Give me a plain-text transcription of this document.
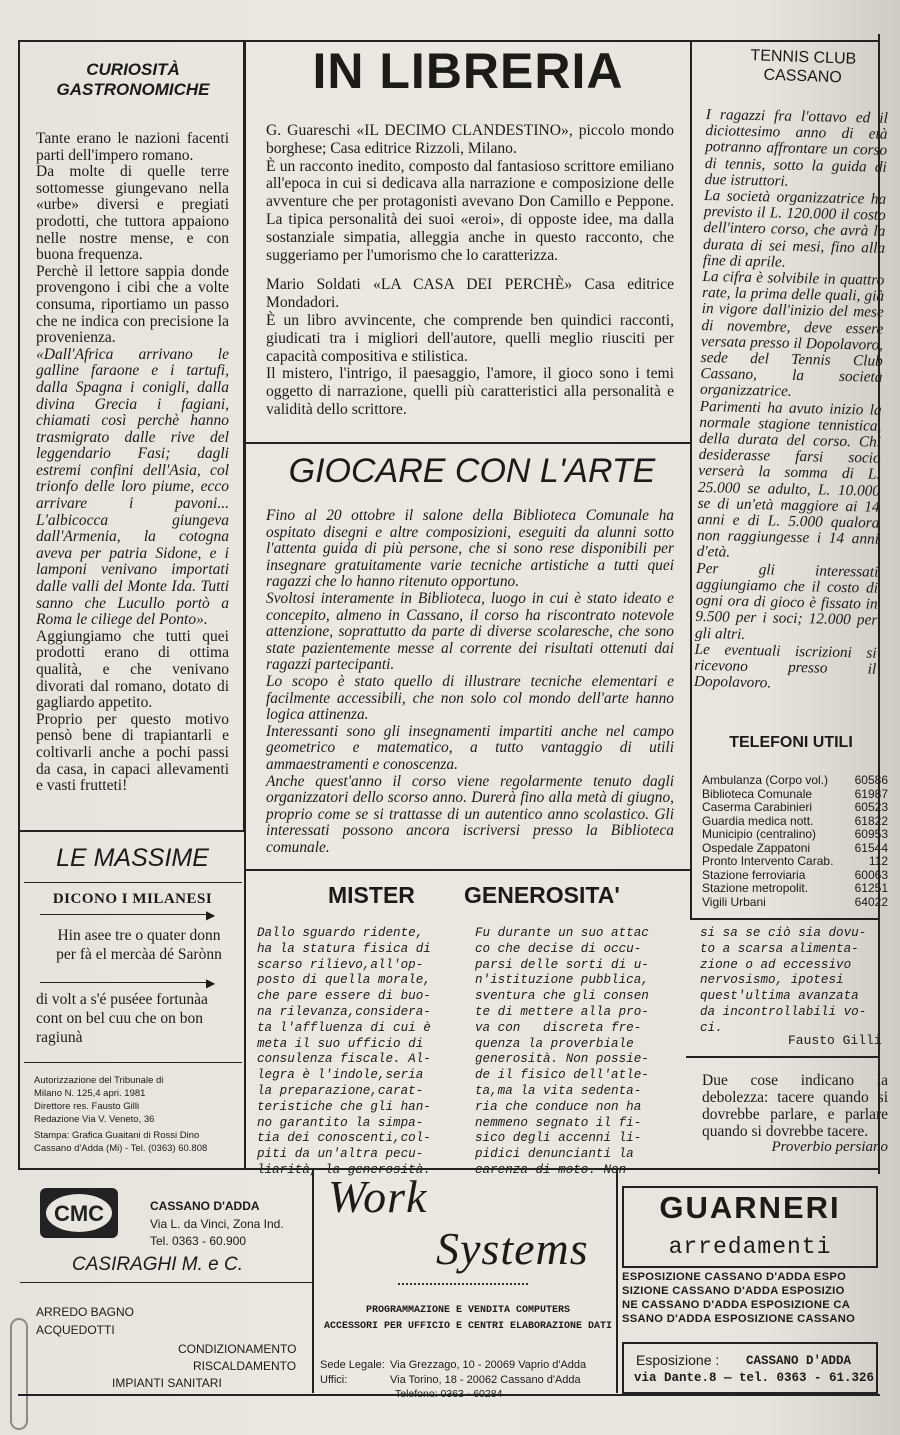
CURIOSITÀ
GASTRONOMICHE

Tante erano le nazioni facenti parti dell'impero romano.

Da molte di quelle terre sottomesse giungevano nella «urbe» diversi e pregiati prodotti, che tuttora appaiono nelle nostre mense, e con buona frequenza.

Perchè il lettore sappia donde provengono i cibi che a volte consuma, riportiamo un passo che ne indica con precisione la provenienza.

«Dall'Africa arrivano le galline faraone e i tartufi, dalla Spagna i conigli, dalla divina Grecia i fagiani, chiamati così perchè hanno trasmigrato dalle rive del leggendario Fasi; dagli estremi confini dell'Asia, col trionfo delle loro piume, ecco arrivare i pavoni... L'albicocca giungeva dall'Armenia, la cotogna aveva per patria Sidone, e i lamponi venivano importati dalle valli del Monte Ida. Tutti sanno che Lucullo portò a Roma le ciliege del Ponto».

Aggiungiamo che tutti quei prodotti erano di ottima qualità, e che venivano divorati dal romano, dotato di gagliardo appetito.

Proprio per questo motivo pensò bene di trapiantarli e coltivarli anche a pochi passi da casa, in capaci allevamenti e vasti frutteti!

LE MASSIME
DICONO I MILANESI
▶
Hin asee tre o quater donn
per fà el mercàa dé Sarònn
▶
di volt a s'é puséee fortunàa
cont on bel cuu che on bon
ragiunà
Autorizzazione del Tribunale di
Milano N. 125,4 apri. 1981
Direttore res. Fausto Gilli
Redazione Via V. Veneto, 36
Stampa: Grafica Guaitani di Rossi Dino
Cassano d'Adda (Mi) - Tel. (0363) 60.808
IN LIBRERIA

G. Guareschi «IL DECIMO CLANDESTINO», piccolo mondo borghese; Casa editrice Rizzoli, Milano.

È un racconto inedito, composto dal fantasioso scrittore emiliano all'epoca in cui si dedicava alla narrazione e composizione delle avventure che per protagonisti avevano Don Camillo e Peppone. La tipica personalità dei suoi «eroi», di opposte idee, ma dalla sostanziale simpatia, alleggia anche in questo racconto, che suggeriamo per l'umorismo che lo caratterizza.

Mario Soldati «LA CASA DEI PERCHÈ» Casa editrice Mondadori.

È un libro avvincente, che comprende ben quindici racconti, giudicati tra i migliori dell'autore, quelli meglio riusciti per capacità compositiva e stilistica.

Il mistero, l'intrigo, il paesaggio, l'amore, il gioco sono i temi oggetto di narrazione, quelli più caratteristici alla personalità e validità dello scrittore.

GIOCARE CON L'ARTE

Fino al 20 ottobre il salone della Biblioteca Comunale ha ospitato disegni e altre composizioni, eseguiti da alunni sotto l'attenta guida di più persone, che si sono rese disponibili per insegnare gratuitamente varie tecniche artistiche a tutti quei ragazzi che lo hanno ritenuto opportuno.

Svoltosi interamente in Biblioteca, luogo in cui è stato ideato e concepito, almeno in Cassano, il corso ha riscontrato notevole attenzione, soprattutto da parte di diverse scolaresche, che sono state pazientemente messe al corrente dei risultati ottenuti dai ragazzi partecipanti.

Lo scopo è stato quello di illustrare tecniche elementari e facilmente accessibili, che non solo col mondo dell'arte hanno logica attinenza.

Interessanti sono gli insegnamenti impartiti anche nel campo geometrico e matematico, a tutto vantaggio di utili ammaestramenti e conoscenza.

Anche quest'anno il corso viene regolarmente tenuto dagli organizzatori dello scorso anno. Durerà fino alla metà di giugno, proprio come se si trattasse di un autentico anno scolastico. Gli interessati possono ancora iscriversi presso la Biblioteca comunale.

TENNIS CLUB
CASSANO

I ragazzi fra l'ottavo ed il diciottesimo anno di età potranno affrontare un corso di tennis, sotto la guida di due istruttori.

La società organizzatrice ha previsto il L. 120.000 il costo dell'intero corso, che avrà la durata di sei mesi, fino alla fine di aprile.

La cifra è solvibile in quattro rate, la prima delle quali, già in vigore dall'inizio del mese di novembre, deve essere versata presso il Dopolavoro, sede del Tennis Club Cassano, la società organizzatrice.

Parimenti ha avuto inizio la normale stagione tennistica, della durata del corso. Chi desiderasse farsi socio verserà la somma di L. 25.000 se adulto, L. 10.000 se di un'età maggiore ai 14 anni e di L. 5.000 qualora non raggiungesse i 14 anni d'età.

Per gli interessati aggiungiamo che il costo di ogni ora di gioco è fissato in 9.500 per i soci; 12.000 per gli altri.

Le eventuali iscrizioni si ricevono presso il Dopolavoro.

TELEFONI UTILI
Ambulanza (Corpo vol.) 60586
Biblioteca Comunale	61987
Caserma Carabinieri	60523
Guardia medica nott.	61822
Municipio (centralino)	60953
Ospedale Zappatoni	61544
Pronto Intervento Carab.	112
Stazione ferroviaria	60063
Stazione metropolit.	61251
Vigili Urbani	64022
MISTER GENEROSITA'
Dallo sguardo ridente,
ha la statura fisica di
scarso rilievo,all'op-
posto di quella morale,
che pare essere di buo-
na rilevanza,considera-
ta l'affluenza di cui è
meta il suo ufficio di
consulenza fiscale. Al-
legra è l'indole,seria
la preparazione,carat-
teristiche che gli han-
no garantito la simpa-
tia dei conoscenti,col-
piti da un'altra pecu-

Fu durante un suo attac
co che decise di occu-
parsi delle sorti di u-
n'istituzione pubblica,
sventura che gli consen
te di mettere alla pro-
va con   discreta fre-
quenza la proverbiale
generosità. Non possie-
de il fisico dell'atle-
ta,ma la vita sedenta-
ria che conduce non ha
nemmeno segnato il fi-
sico degli accenni li-
pidici denuncianti la

si sa se ciò sia dovu-
to a scarsa alimenta-
zione o ad eccessivo
nervosismo, ipotesi
quest'ultima avanzata
da incontrollabili vo-
ci.
Fausto Gilli
Due cose indicano la debolezza: tacere quando si dovrebbe parlare, e parlare quando si dovrebbe tacere.
Proverbio persiano
CMC	CASSANO D'ADDA
Via L. da Vinci, Zona Ind.
Tel. 0363 - 60.900
CASIRAGHI M. e C.
ARREDO BAGNO
ACQUEDOTTI
CONDIZIONAMENTO
RISCALDAMENTO
IMPIANTI SANITARI
Work
Systems
PROGRAMMAZIONE E VENDITA COMPUTERS
ACCESSORI PER UFFICIO E CENTRI ELABORAZIONE DATI
Sede Legale: Via Grezzago, 10 - 20069 Vaprio d'Adda
Uffici:	Via Torino, 18 - 20062 Cassano d'Adda
GUARNERI
arredamenti
ESPOSIZIONE CASSANO D'ADDA ESPO
SIZIONE CASSANO D'ADDA ESPOSIZIO
NE CASSANO D'ADDA ESPOSIZIONE CA
SSANO D'ADDA ESPOSIZIONE CASSANO
Esposizione : CASSANO D'ADDA
via Dante.8 — tel. 0363 - 61.326
